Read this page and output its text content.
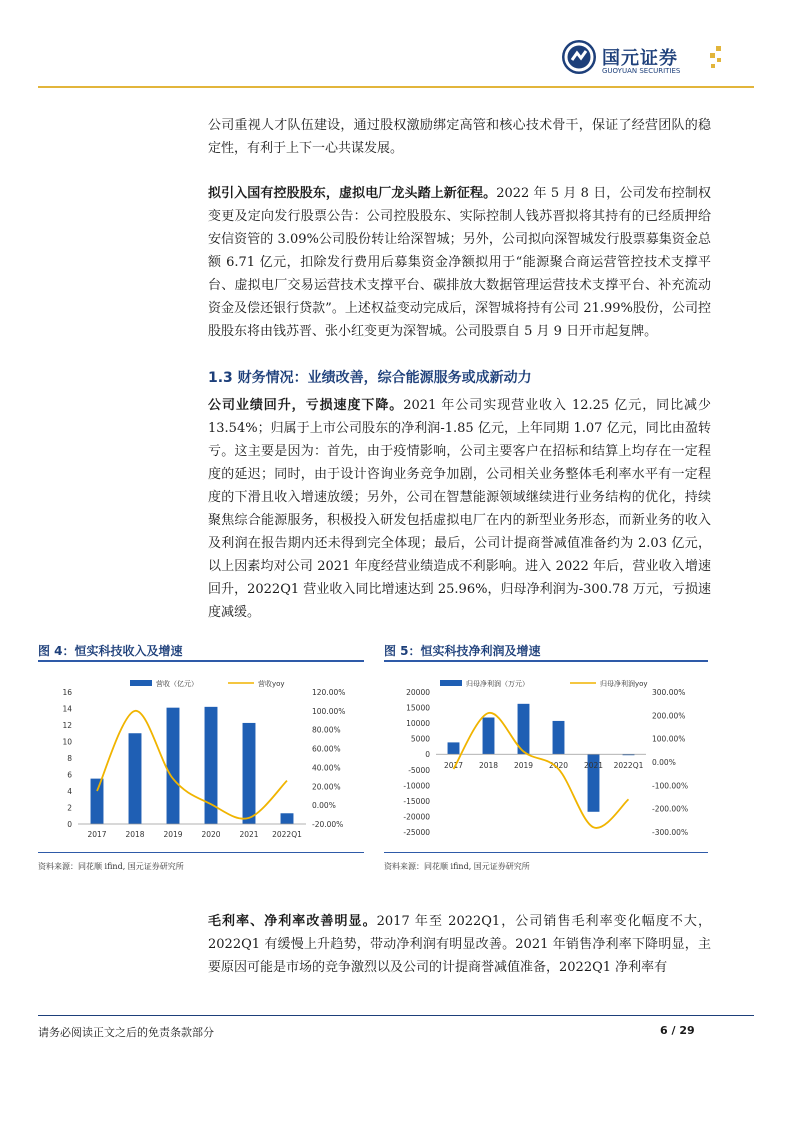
国元证券
GUOYUAN SECURITIES
公司重视人才队伍建设，通过股权激励绑定高管和核心技术骨干，保证了经营团队的稳定性，有利于上下一心共谋发展。
拟引入国有控股股东，虚拟电厂龙头踏上新征程。2022 年 5 月 8 日，公司发布控制权变更及定向发行股票公告：公司控股股东、实际控制人钱苏晋拟将其持有的已经质押给安信资管的 3.09%公司股份转让给深智城；另外，公司拟向深智城发行股票募集资金总额 6.71 亿元，扣除发行费用后募集资金净额拟用于“能源聚合商运营管控技术支撑平台、虚拟电厂交易运营技术支撑平台、碳排放大数据管理运营技术支撑平台、补充流动资金及偿还银行贷款”。上述权益变动完成后，深智城将持有公司 21.99%股份，公司控股股东将由钱苏晋、张小红变更为深智城。公司股票自 5 月 9 日开市起复牌。
1.3 财务情况：业绩改善，综合能源服务或成新动力
公司业绩回升，亏损速度下降。2021 年公司实现营业收入 12.25 亿元，同比减少 13.54%；归属于上市公司股东的净利润-1.85 亿元，上年同期 1.07 亿元，同比由盈转亏。这主要是因为：首先，由于疫情影响，公司主要客户在招标和结算上均存在一定程度的延迟；同时，由于设计咨询业务竞争加剧，公司相关业务整体毛利率水平有一定程度的下滑且收入增速放缓；另外，公司在智慧能源领域继续进行业务结构的优化，持续聚焦综合能源服务，积极投入研发包括虚拟电厂在内的新型业务形态，而新业务的收入及利润在报告期内还未得到完全体现；最后，公司计提商誉减值准备约为 2.03 亿元，以上因素均对公司 2021 年度经营业绩造成不利影响。进入 2022 年后，营业收入增速回升，2022Q1 营业收入同比增速达到 25.96%，归母净利润为-300.78 万元，亏损速度减缓。
图 4：恒实科技收入及增速
营收（亿元）	营收yoy
0
2
4
6
8
10
12
14
16
-20.00%
0.00%
20.00%
40.00%
60.00%
80.00%
100.00%
120.00%
2017	2018	2019	2020	2021 2022Q1
资料来源：同花顺 ifind, 国元证券研究所
图 5：恒实科技净利润及增速
归母净利润（万元）	归母净利润yoy
-25000
-20000
-15000
-10000
-5000
0
5000
10000
15000
20000
-300.00%
-200.00%
-100.00%
0.00%
100.00%
200.00%
300.00%
2017 2018 2019 2020 2021 2022Q1
资料来源：同花顺 ifind, 国元证券研究所
毛利率、净利率改善明显。2017 年至 2022Q1，公司销售毛利率变化幅度不大，2022Q1 有缓慢上升趋势，带动净利润有明显改善。2021 年销售净利率下降明显，主要原因可能是市场的竞争激烈以及公司的计提商誉减值准备，2022Q1 净利率有
请务必阅读正文之后的免责条款部分	6 / 29
